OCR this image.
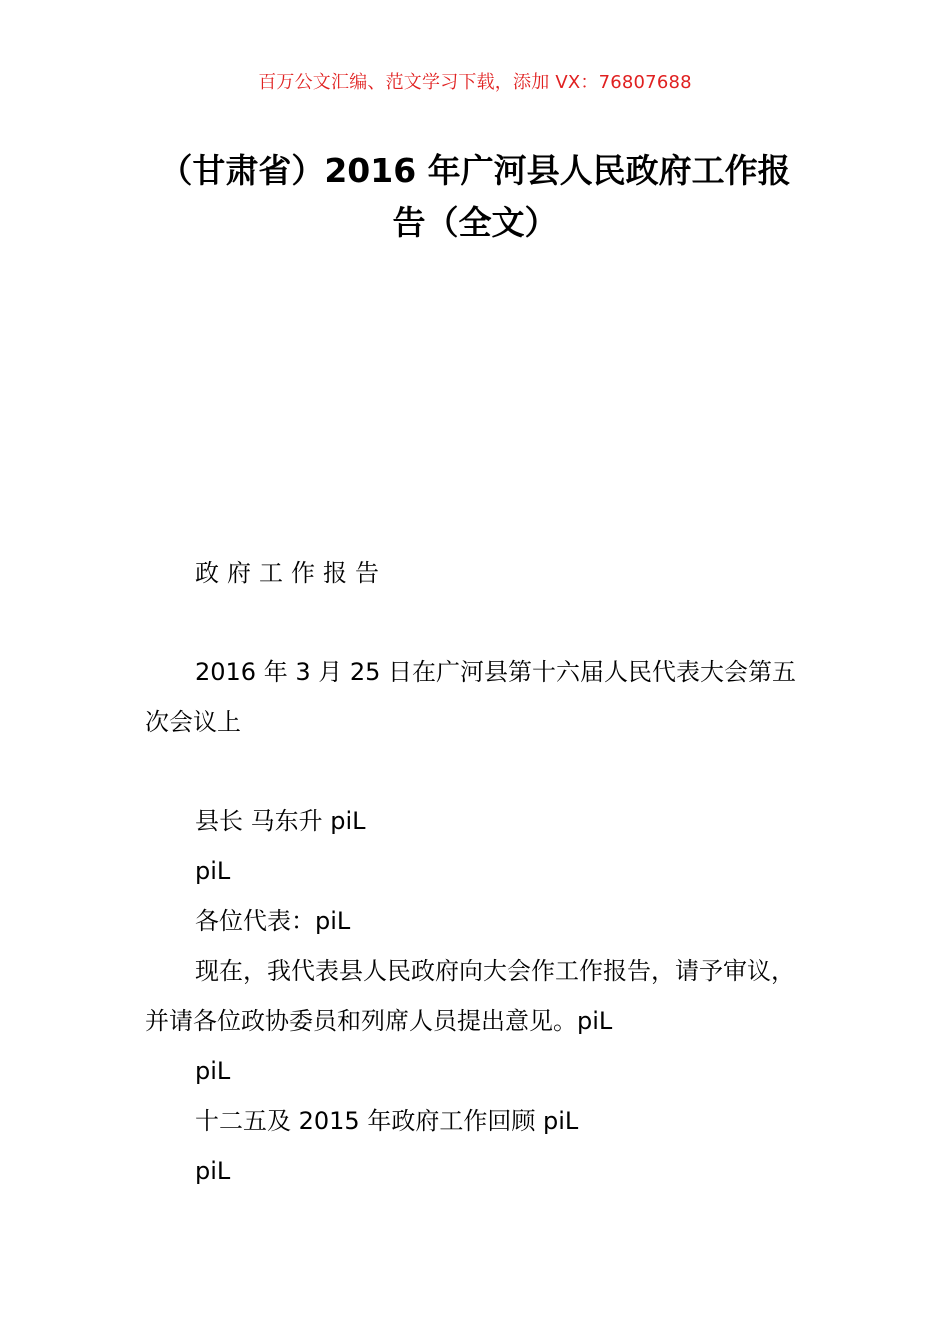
百万公文汇编、范文学习下载，添加 VX：76807688
（甘肃省）2016 年广河县人民政府工作报
告（全文）
政府工作报告
2016 年 3 月 25 日在广河县第十六届人民代表大会第五次会议上
县长 马东升 piL
piL
各位代表：piL
现在，我代表县人民政府向大会作工作报告，请予审议，并请各位政协委员和列席人员提出意见。piL
piL
十二五及 2015 年政府工作回顾 piL
piL
